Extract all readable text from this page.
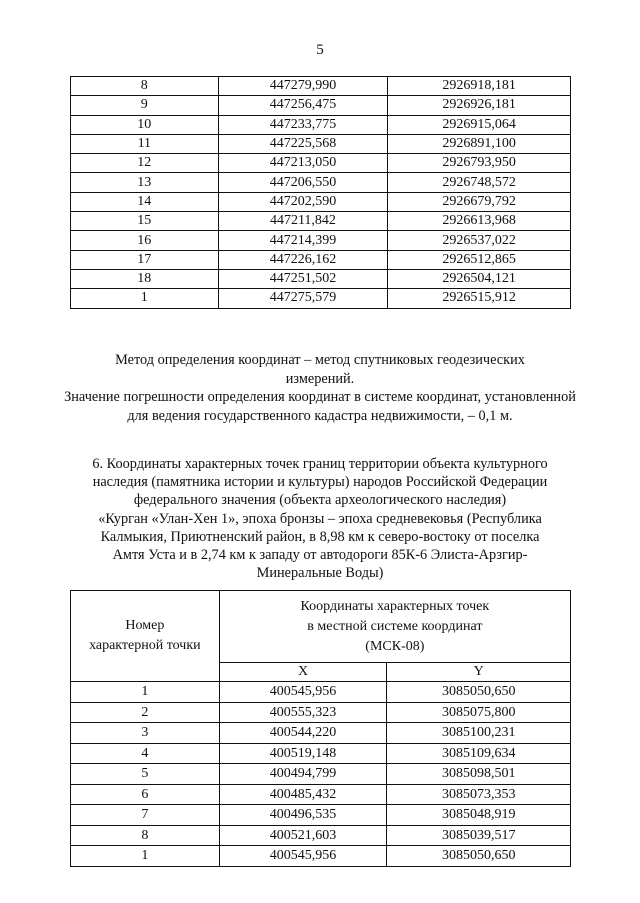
5
8	447279,990	2926918,181
9	447256,475	2926926,181
10	447233,775	2926915,064
11	447225,568	2926891,100
12	447213,050	2926793,950
13	447206,550	2926748,572
14	447202,590	2926679,792
15	447211,842	2926613,968
16	447214,399	2926537,022
17	447226,162	2926512,865
18	447251,502	2926504,121
1	447275,579	2926515,912
Метод определения координат – метод спутниковых геодезических
измерений.
Значение погрешности определения координат в системе координат, установленной
для ведения государственного кадастра недвижимости, – 0,1 м.
6. Координаты характерных точек границ территории объекта культурного
наследия (памятника истории и культуры) народов Российской Федерации
федерального значения (объекта археологического наследия)
«Курган «Улан-Хен 1», эпоха бронзы – эпоха средневековья (Республика
Калмыкия, Приютненский район, в 8,98 км к северо-востоку от поселка
Амтя Уста и в 2,74 км к западу от автодороги 85К-6 Элиста-Арзгир-
Минеральные Воды)
Номер
характерной точки	Координаты характерных точек
в местной системе координат
(МСК-08)	

	X	Y
1	400545,956	3085050,650
2	400555,323	3085075,800
3	400544,220	3085100,231
4	400519,148	3085109,634
5	400494,799	3085098,501
6	400485,432	3085073,353
7	400496,535	3085048,919
8	400521,603	3085039,517
1	400545,956	3085050,650
